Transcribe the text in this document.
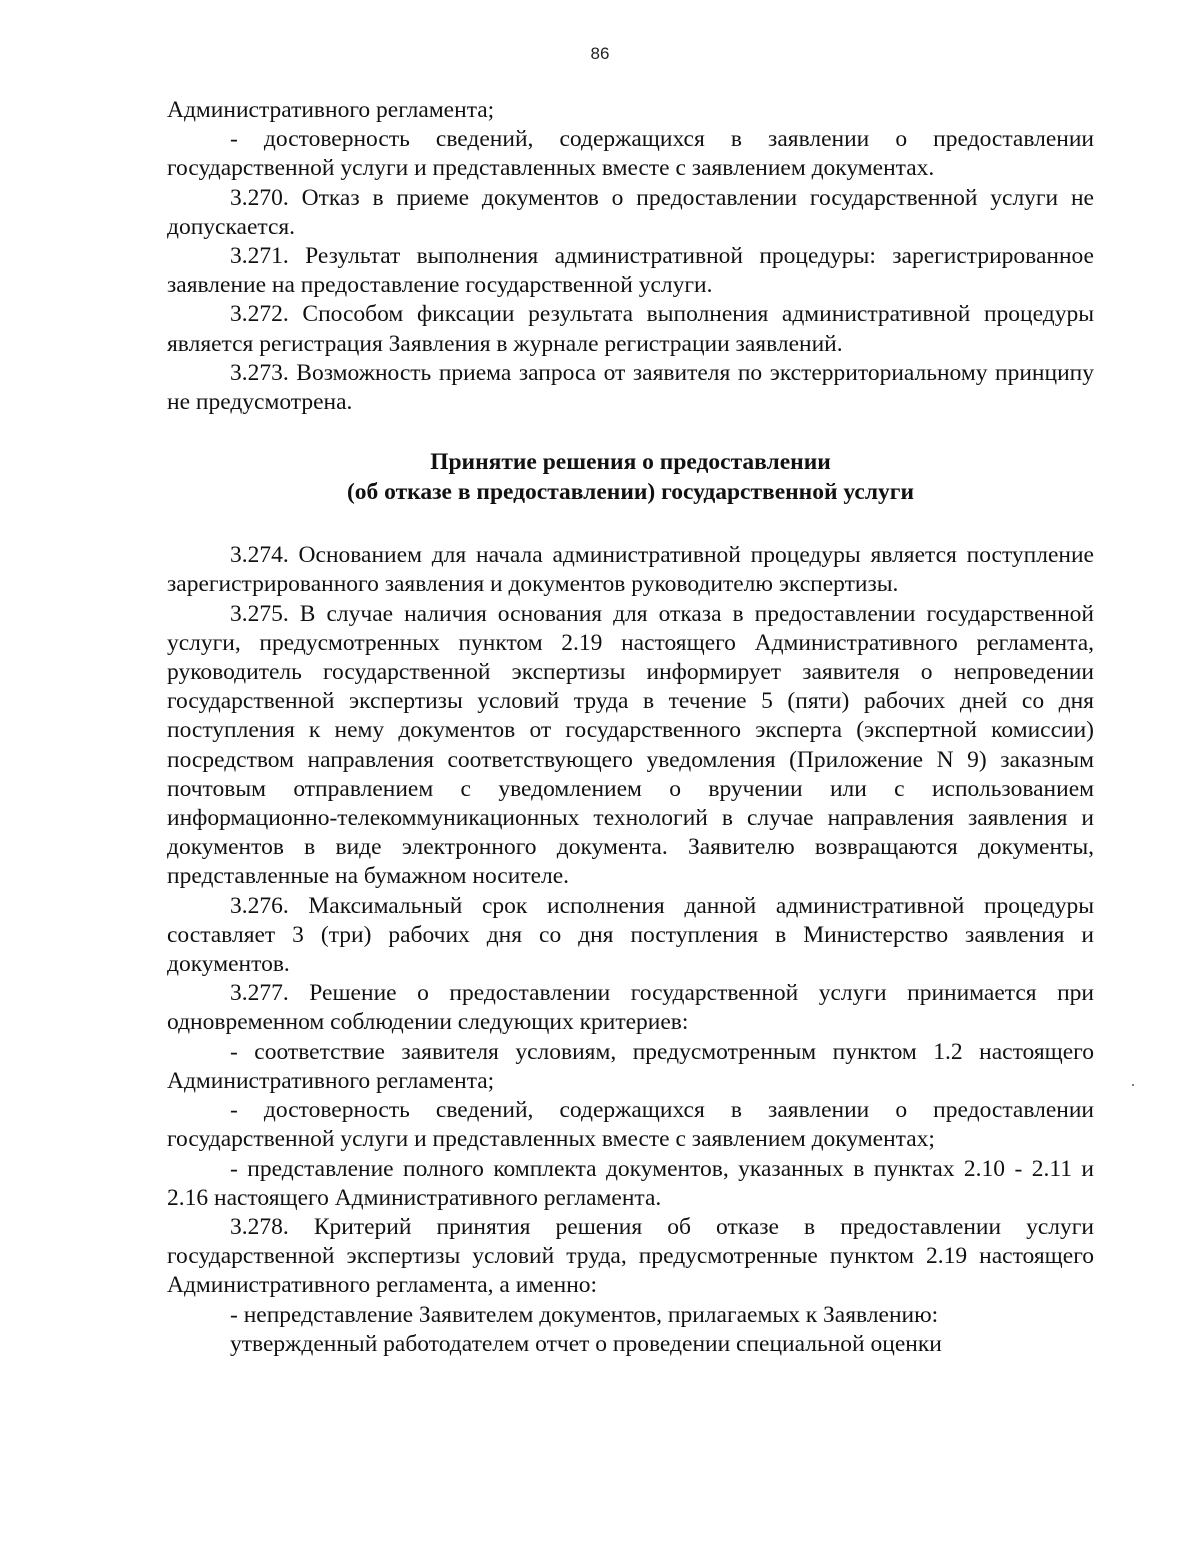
86

Административного регламента;

- достоверность сведений, содержащихся в заявлении о предоставлении государственной услуги и представленных вместе с заявлением документах.

3.270. Отказ в приеме документов о предоставлении государственной услуги не допускается.

3.271. Результат выполнения административной процедуры: зарегистрированное заявление на предоставление государственной услуги.

3.272. Способом фиксации результата выполнения административной процедуры является регистрация Заявления в журнале регистрации заявлений.

3.273. Возможность приема запроса от заявителя по экстерриториальному принципу не предусмотрена.

Принятие решения о предоставлении
(об отказе в предоставлении) государственной услуги

3.274. Основанием для начала административной процедуры является поступление зарегистрированного заявления и документов руководителю экспертизы.

3.275. В случае наличия основания для отказа в предоставлении государственной услуги, предусмотренных пунктом 2.19 настоящего Административного регламента, руководитель государственной экспертизы информирует заявителя о непроведении государственной экспертизы условий труда в течение 5 (пяти) рабочих дней со дня поступления к нему документов от государственного эксперта (экспертной комиссии) посредством направления соответствующего уведомления (Приложение N 9) заказным почтовым отправлением с уведомлением о вручении или с использованием информационно-телекоммуникационных технологий в случае направления заявления и документов в виде электронного документа. Заявителю возвращаются документы, представленные на бумажном носителе.

3.276. Максимальный срок исполнения данной административной процедуры составляет 3 (три) рабочих дня со дня поступления в Министерство заявления и документов.

3.277. Решение о предоставлении государственной услуги принимается при одновременном соблюдении следующих критериев:

- соответствие заявителя условиям, предусмотренным пунктом 1.2 настоящего Административного регламента;

- достоверность сведений, содержащихся в заявлении о предоставлении государственной услуги и представленных вместе с заявлением документах;

- представление полного комплекта документов, указанных в пунктах 2.10 - 2.11 и 2.16 настоящего Административного регламента.

3.278. Критерий принятия решения об отказе в предоставлении услуги государственной экспертизы условий труда, предусмотренные пунктом 2.19 настоящего Административного регламента, а именно:

- непредставление Заявителем документов, прилагаемых к Заявлению:

утвержденный работодателем отчет о проведении специальной оценки
